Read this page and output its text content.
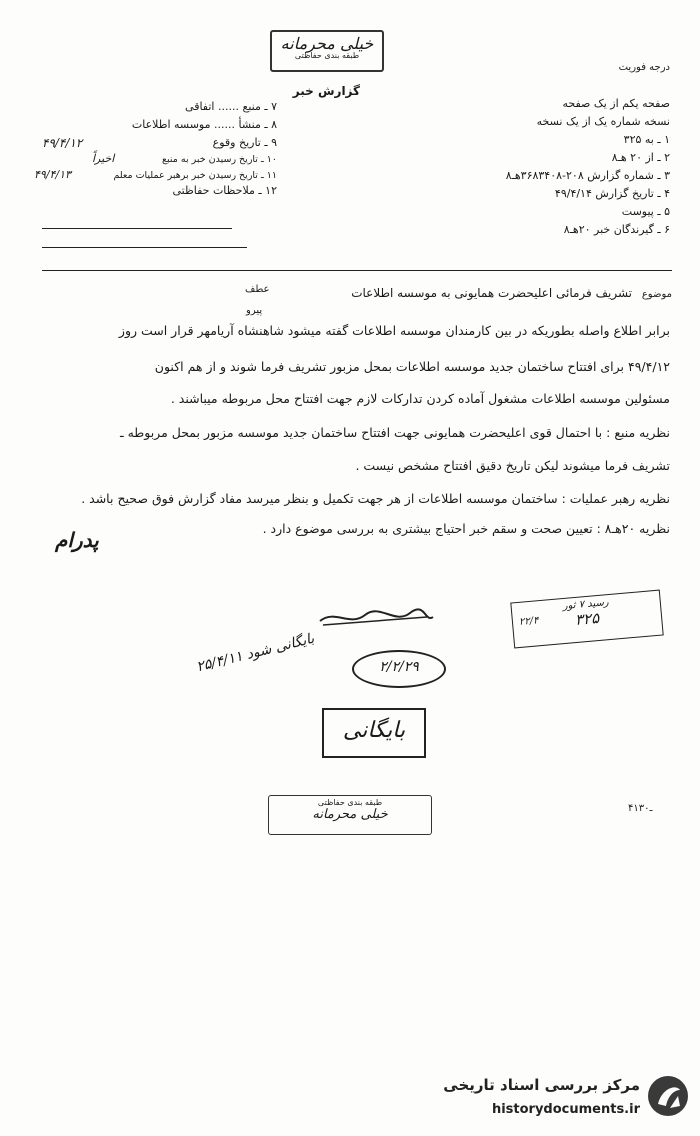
خیلی محرمانه
طبقه بندی حفاظتی
درجه فوریت
گزارش خبر
صفحه یکم از یک صفحه
نسخه شماره یک از یک نسخه
۱ ـ به ۳۲۵
۲ ـ از ۲۰ هـ۸
۳ ـ شماره گزارش ۲۰۸-۳۶۸۳۴۰۸هـ۸
۴ ـ تاریخ گزارش ۴۹/۴/۱۴
۵ ـ پیوست
۶ ـ گیرندگان خبر ۲۰هـ۸
۷ ـ منبع ...... اتفاقی
۸ ـ منشأ ...... موسسه اطلاعات
۹ ـ تاریخ وقوع
۴۹/۴/۱۲
۱۰ ـ تاریخ رسیدن خبر به منبع
اخیراً
۱۱ ـ تاریخ رسیدن خبر برهبر عملیات معلم
۴۹/۴/۱۳
۱۲ ـ ملاحظات حفاظتی
موضوع تشریف فرمائی اعلیحضرت همایونی به موسسه اطلاعات
عطف
پیرو
برابر اطلاع واصله بطوریکه در بین کارمندان موسسه اطلاعات گفته میشود شاهنشاه آریامهر قرار است روز
۴۹/۴/۱۲ برای افتتاح ساختمان جدید موسسه اطلاعات بمحل مزبور تشریف فرما شوند و از هم اکنون
مسئولین موسسه اطلاعات مشغول آماده کردن تدارکات لازم جهت افتتاح محل مربوطه میباشند .
نظریه منبع : با احتمال قوی اعلیحضرت همایونی جهت افتتاح ساختمان جدید موسسه مزبور بمحل مربوطه ـ
تشریف فرما میشوند لیکن تاریخ دقیق افتتاح مشخص نیست .
نظریه رهبر عملیات : ساختمان موسسه اطلاعات از هر جهت تکمیل و بنظر میرسد مفاد گزارش فوق صحیح باشد .
نظریه ۲۰هـ۸ : تعیین صحت و سقم خبر احتیاج بیشتری به بررسی موضوع دارد .
پدرام
۲۵/۴/۱۱ بایگانی شود
۲/۲/۲۹
رسید ۷ ثور
۳۲۵
۲۲/۴
بایگانی
طبقه بندی حفاظتی
خیلی محرمانه	۴ـ۱۳۰
مرکز بررسی اسناد تاریخی
historydocuments.ir
